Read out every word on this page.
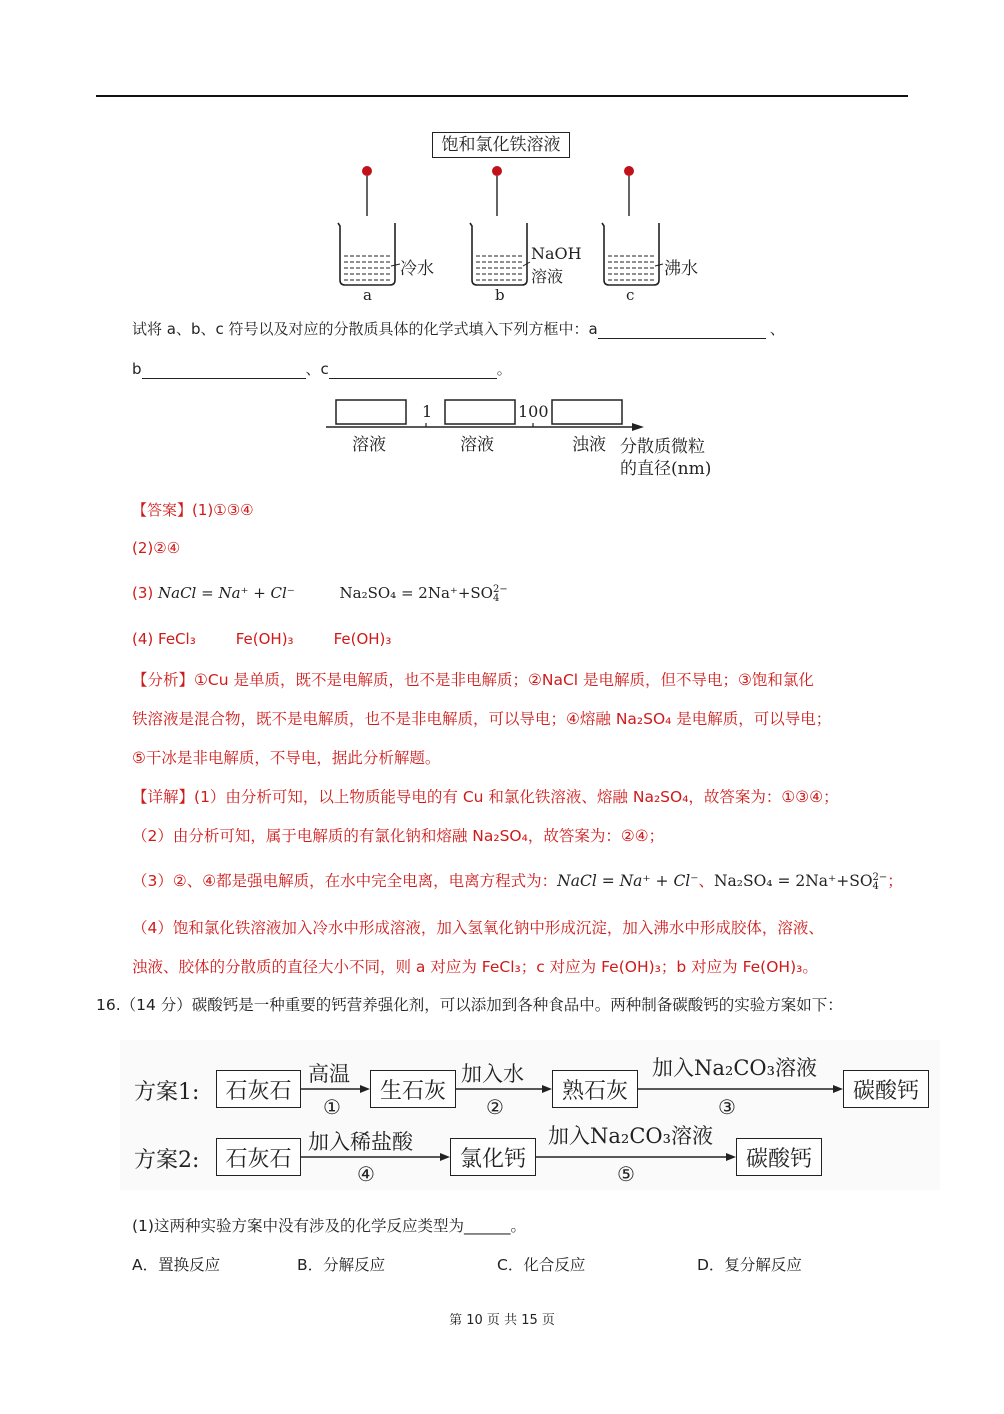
饱和氯化铁溶液
冷水
NaOH
溶液	沸水
a	b	c
试将 a、b、c 符号以及对应的分散质具体的化学式填入下列方框中：a	、
b	、c	。
1	100
溶液	溶液	浊液 分散质微粒
的直径(nm)
【答案】(1)①③④
(2)②④
(3) NaCl = Na⁺ + Cl⁻	Na₂SO₄ = 2Na⁺+SO 2−
4
(4) FeCl₃	Fe(OH)₃	Fe(OH)₃
【分析】①Cu 是单质，既不是电解质，也不是非电解质；②NaCl 是电解质，但不导电；③饱和氯化
铁溶液是混合物，既不是电解质，也不是非电解质，可以导电；④熔融 Na₂SO₄ 是电解质，可以导电；
⑤干冰是非电解质，不导电，据此分析解题。
【详解】(1）由分析可知，以上物质能导电的有 Cu 和氯化铁溶液、熔融 Na₂SO₄，故答案为：①③④；
（2）由分析可知，属于电解质的有氯化钠和熔融 Na₂SO₄，故答案为：②④；
（3）②、④都是强电解质，在水中完全电离，电离方程式为：NaCl = Na⁺ + Cl⁻、Na₂SO₄ = 2Na⁺+SO 2−
4 ；
（4）饱和氯化铁溶液加入冷水中形成溶液，加入氢氧化钠中形成沉淀，加入沸水中形成胶体，溶液、
浊液、胶体的分散质的直径大小不同，则 a 对应为 FeCl₃；c 对应为 Fe(OH)₃；b 对应为 Fe(OH)₃。
16.（14 分）碳酸钙是一种重要的钙营养强化剂，可以添加到各种食品中。两种制备碳酸钙的实验方案如下：
方案1:	石灰石	生石灰	熟石灰	碳酸钙
高温
①
加入水
②
加入Na₂CO₃溶液
③
方案2:	石灰石	氯化钙	碳酸钙
加入稀盐酸
④
加入Na₂CO₃溶液
⑤
(1)这两种实验方案中没有涉及的化学反应类型为______。
A．置换反应	B．分解反应	C．化合反应	D．复分解反应
第 10 页 共 15 页
